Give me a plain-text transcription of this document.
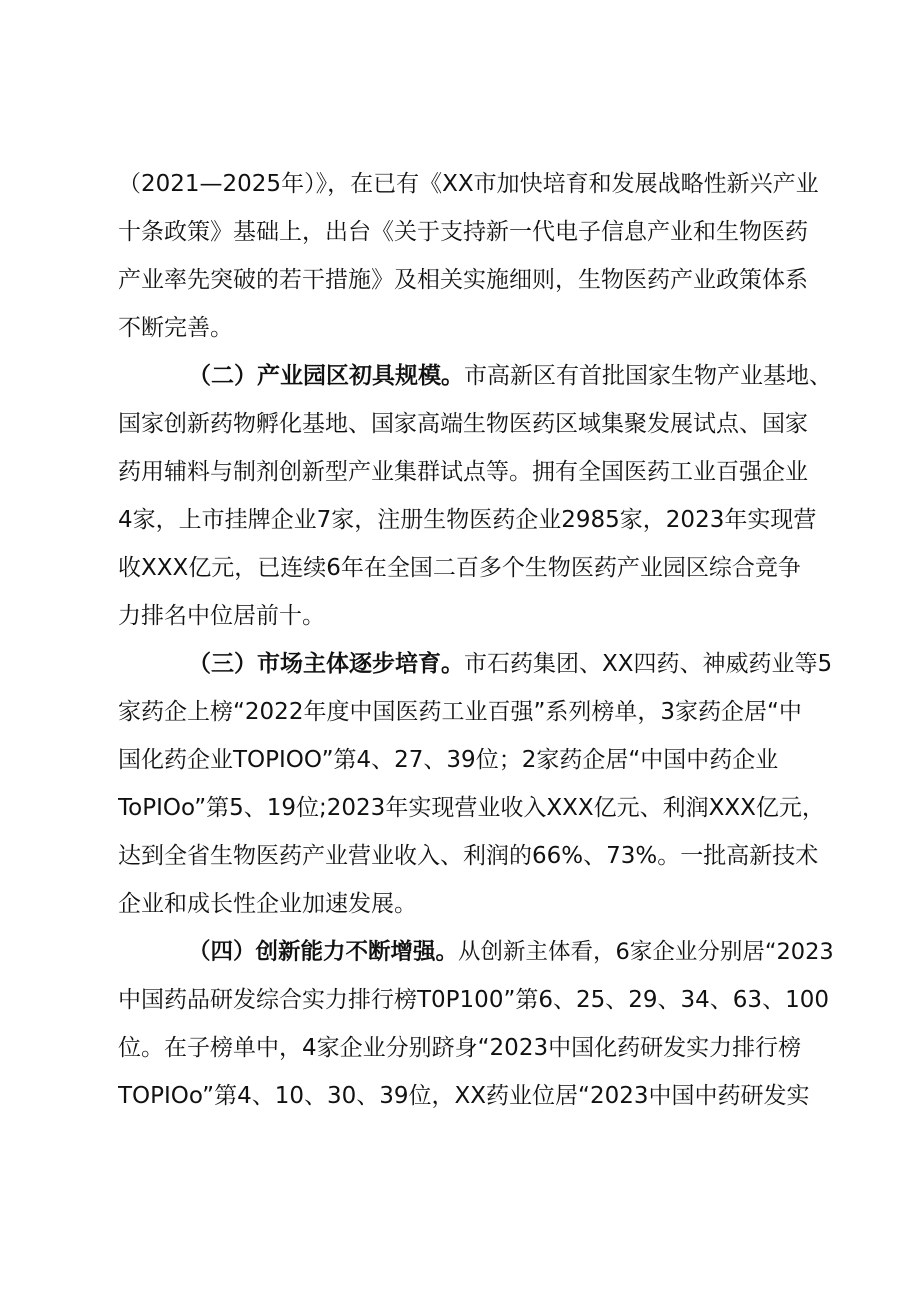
（2021—2025年）》，在已有《XX市加快培育和发展战略性新兴产业
十条政策》基础上，出台《关于支持新一代电子信息产业和生物医药
产业率先突破的若干措施》及相关实施细则，生物医药产业政策体系
不断完善。
（二）产业园区初具规模。市高新区有首批国家生物产业基地、
国家创新药物孵化基地、国家高端生物医药区域集聚发展试点、国家
药用辅料与制剂创新型产业集群试点等。拥有全国医药工业百强企业
4家，上市挂牌企业7家，注册生物医药企业2985家，2023年实现营
收XXX亿元，已连续6年在全国二百多个生物医药产业园区综合竞争
力排名中位居前十。
（三）市场主体逐步培育。市石药集团、XX四药、神威药业等5
家药企上榜“2022年度中国医药工业百强”系列榜单，3家药企居“中
国化药企业TOPIOO”第4、27、39位；2家药企居“中国中药企业
ToPIOo”第5、19位;2023年实现营业收入XXX亿元、利润XXX亿元，
达到全省生物医药产业营业收入、利润的66%、73%。一批高新技术
企业和成长性企业加速发展。
（四）创新能力不断增强。从创新主体看，6家企业分别居“2023
中国药品研发综合实力排行榜T0P100”第6、25、29、34、63、100
位。在子榜单中，4家企业分别跻身“2023中国化药研发实力排行榜
TOPIOo”第4、10、30、39位，XX药业位居“2023中国中药研发实
